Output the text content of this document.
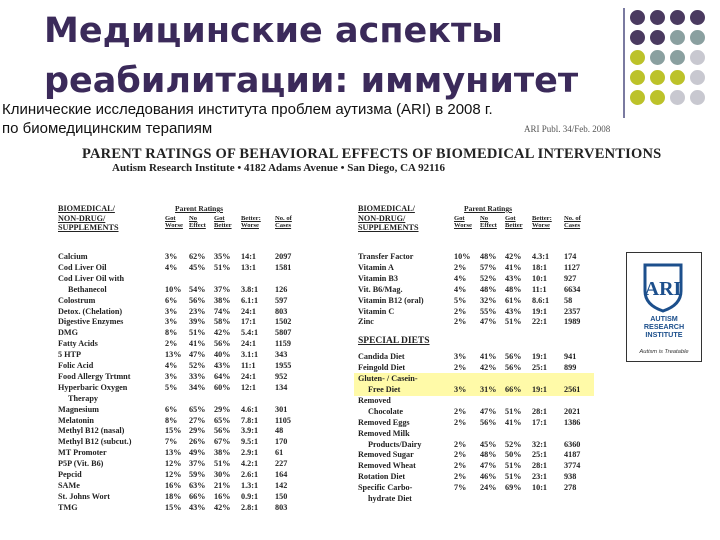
Медицинские аспекты
реабилитации: иммунитет
Клинические исследования института проблем аутизма (ARI) в 2008 г.
по биомедицинским терапиям	ARI Publ. 34/Feb. 2008
PARENT RATINGS OF BEHAVIORAL EFFECTS OF BIOMEDICAL INTERVENTIONS
Autism Research Institute • 4182 Adams Avenue • San Diego, CA 92116
BIOMEDICAL/
NON-DRUG/
SUPPLEMENTS
Parent Ratings
Got Worse
No Effect
Got Better
Better: Worse
No. of Cases
Calcium	3% 62% 35% 14:1 2097
Cod Liver Oil	4% 45% 51% 13:1 1581
Cod Liver Oil with
Bethanecol	10% 54% 37% 3.8:1 126
Colostrum	6% 56% 38% 6.1:1 597
Detox. (Chelation)	3% 23% 74% 24:1 803
Digestive Enzymes	3% 39% 58% 17:1 1502
DMG	8% 51% 42% 5.4:1 5807
Fatty Acids	2% 41% 56% 24:1 1159
5 HTP	13% 47% 40% 3.1:1 343
Folic Acid	4% 52% 43% 11:1 1955
Food Allergy Trtmnt	3% 33% 64% 24:1 952
Hyperbaric Oxygen	5% 34% 60% 12:1 134
Therapy
Magnesium	6% 65% 29% 4.6:1 301
Melatonin	8% 27% 65% 7.8:1 1105
Methyl B12 (nasal)	15% 29% 56% 3.9:1 48
Methyl B12 (subcut.)	7% 26% 67% 9.5:1 170
MT Promoter	13% 49% 38% 2.9:1 61
P5P (Vit. B6)	12% 37% 51% 4.2:1 227
Pepcid	12% 59% 30% 2.6:1 164
SAMe	16% 63% 21% 1.3:1 142
St. Johns Wort	18% 66% 16% 0.9:1 150
TMG	15% 43% 42% 2.8:1 803
BIOMEDICAL/
NON-DRUG/
SUPPLEMENTS
Parent Ratings
Got Worse
No Effect
Got Better
Better: Worse
No. of Cases
Transfer Factor	10% 48% 42% 4.3:1 174
Vitamin A	2% 57% 41% 18:1 1127
Vitamin B3	4% 52% 43% 10:1 927
Vit. B6/Mag.	4% 48% 48% 11:1 6634
Vitamin B12 (oral)	5% 32% 61% 8.6:1 58
Vitamin C	2% 55% 43% 19:1 2357
Zinc	2% 47% 51% 22:1 1989
SPECIAL DIETS
Candida Diet	3% 41% 56% 19:1 941
Feingold Diet	2% 42% 56% 25:1 899
Gluten- / Casein-
Free Diet	3% 31% 66% 19:1 2561
Removed
Chocolate	2% 47% 51% 28:1 2021
Removed Eggs	2% 56% 41% 17:1 1386
Removed Milk
Products/Dairy	2% 45% 52% 32:1 6360
Removed Sugar	2% 48% 50% 25:1 4187
Removed Wheat	2% 47% 51% 28:1 3774
Rotation Diet	2% 46% 51% 23:1 938
Specific Carbo-	7% 24% 69% 10:1 278
hydrate Diet
ARI
AUTISM
RESEARCH
INSTITUTE
Autism is Treatable
